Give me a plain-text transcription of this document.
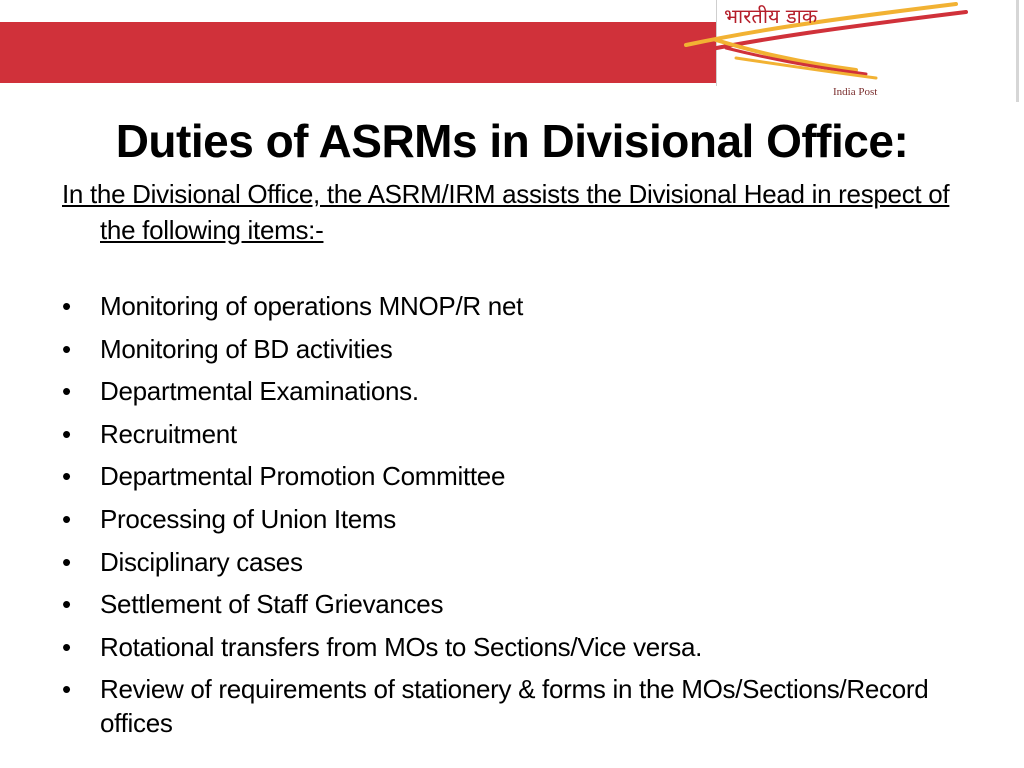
भारतीय डाक
India Post
Duties of ASRMs in Divisional Office:

In the Divisional Office, the ASRM/IRM assists the Divisional Head in respect of the following items:-

•	Monitoring of operations MNOP/R net
•	Monitoring of BD activities
•	Departmental Examinations.
•	Recruitment
•	Departmental Promotion Committee
•	Processing of Union Items
•	Disciplinary cases
•	Settlement of Staff Grievances
•	Rotational transfers from MOs to Sections/Vice versa.
•	Review of requirements of stationery & forms in the MOs/Sections/Record offices
